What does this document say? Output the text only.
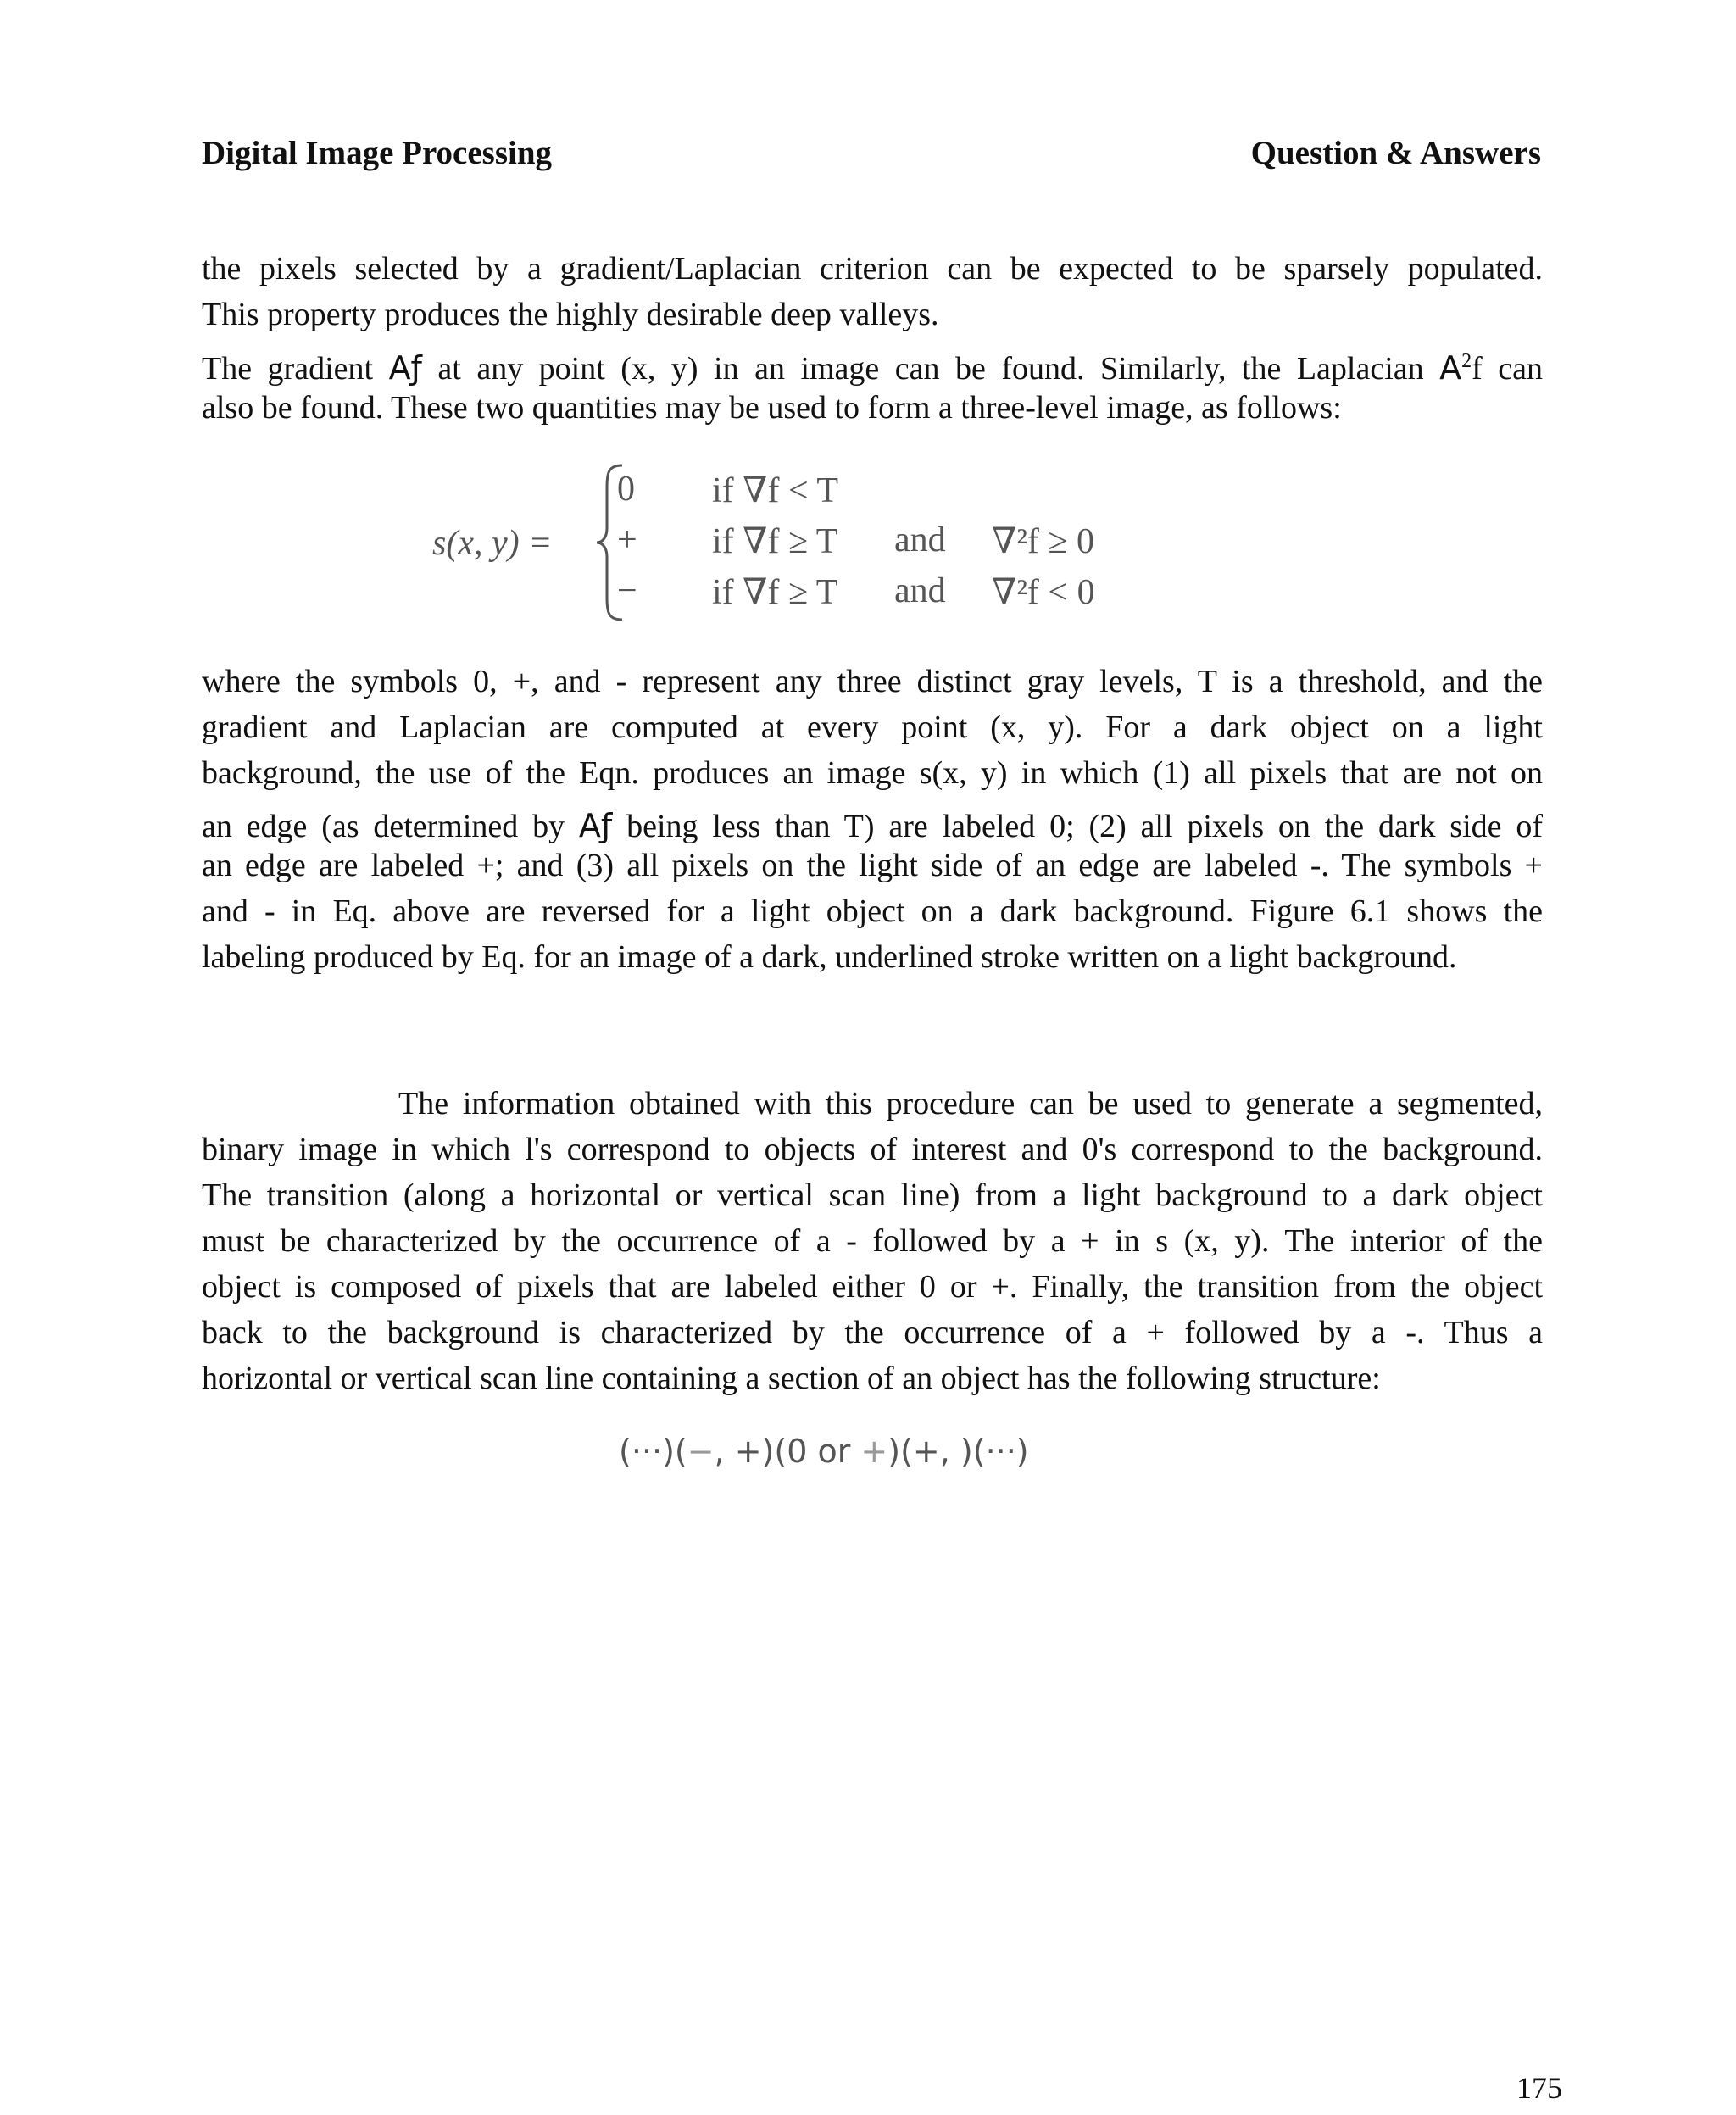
Digital Image Processing	Question & Answers
the pixels selected by a gradient/Laplacian criterion can be expected to be sparsely populated.
This property produces the highly desirable deep valleys.
The gradient Aƒ at any point (x, y) in an image can be found. Similarly, the Laplacian $A^2f$ can
also be found. These two quantities may be used to form a three-level image, as follows:
s(x, y) =
0 if ∇f < T
+ if ∇f ≥ T and ∇²f ≥ 0
− if ∇f ≥ T and ∇²f < 0
where the symbols 0, +, and - represent any three distinct gray levels, T is a threshold, and the
gradient and Laplacian are computed at every point (x, y). For a dark object on a light
background, the use of the Eqn. produces an image s(x, y) in which (1) all pixels that are not on
an edge (as determined by Aƒ being less than T) are labeled 0; (2) all pixels on the dark side of
an edge are labeled +; and (3) all pixels on the light side of an edge are labeled -. The symbols +
and - in Eq. above are reversed for a light object on a dark background. Figure 6.1 shows the
labeling produced by Eq. for an image of a dark, underlined stroke written on a light background.
The information obtained with this procedure can be used to generate a segmented,
binary image in which l's correspond to objects of interest and 0's correspond to the background.
The transition (along a horizontal or vertical scan line) from a light background to a dark object
must be characterized by the occurrence of a - followed by a + in s (x, y). The interior of the
object is composed of pixels that are labeled either 0 or +. Finally, the transition from the object
back to the background is characterized by the occurrence of a + followed by a -. Thus a
horizontal or vertical scan line containing a section of an object has the following structure:
(···)(−, +)(0 or +)(+, )(···)
175
